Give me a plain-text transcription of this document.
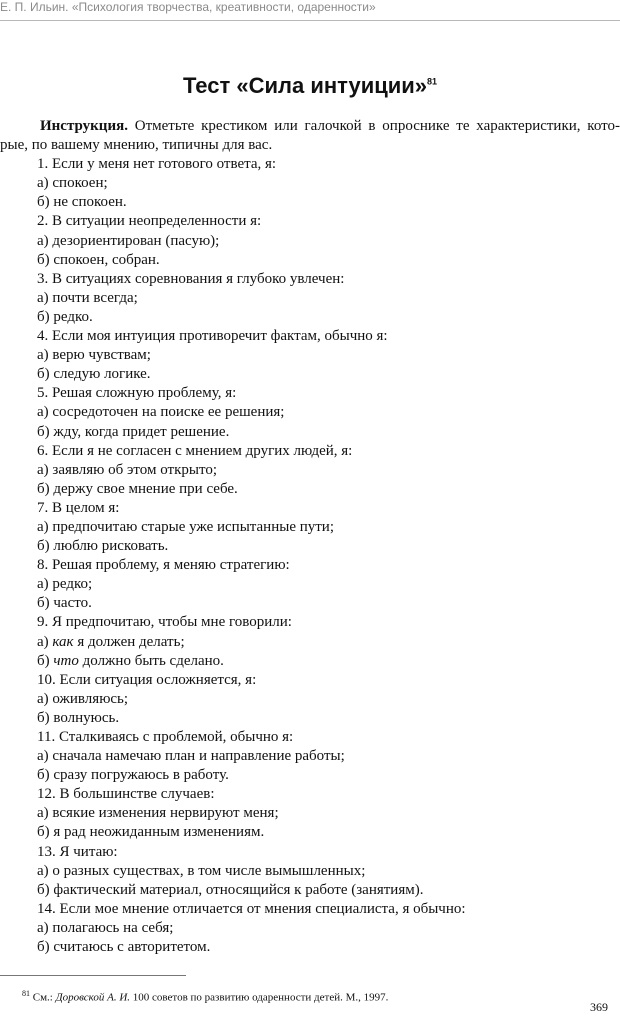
Е. П. Ильин. «Психология творчества, креативности, одаренности»
Тест «Сила интуиции»$^{81}$

Инструкция. Отметьте крестиком или галочкой в опроснике те характеристики, кото-рые, по вашему мнению, типичны для вас.

1. Если у меня нет готового ответа, я:
а) спокоен;
б) не спокоен.
2. В ситуации неопределенности я:
а) дезориентирован (пасую);
б) спокоен, собран.
3. В ситуациях соревнования я глубоко увлечен:
а) почти всегда;
б) редко.
4. Если моя интуиция противоречит фактам, обычно я:
а) верю чувствам;
б) следую логике.
5. Решая сложную проблему, я:
а) сосредоточен на поиске ее решения;
б) жду, когда придет решение.
6. Если я не согласен с мнением других людей, я:
а) заявляю об этом открыто;
б) держу свое мнение при себе.
7. В целом я:
а) предпочитаю старые уже испытанные пути;
б) люблю рисковать.
8. Решая проблему, я меняю стратегию:
а) редко;
б) часто.
9. Я предпочитаю, чтобы мне говорили:
а) как я должен делать;
б) что должно быть сделано.
10. Если ситуация осложняется, я:
а) оживляюсь;
б) волнуюсь.
11. Сталкиваясь с проблемой, обычно я:
а) сначала намечаю план и направление работы;
б) сразу погружаюсь в работу.
12. В большинстве случаев:
а) всякие изменения нервируют меня;
б) я рад неожиданным изменениям.
13. Я читаю:
а) о разных существах, в том числе вымышленных;
б) фактический материал, относящийся к работе (занятиям).
14. Если мое мнение отличается от мнения специалиста, я обычно:
а) полагаюсь на себя;
б) считаюсь с авторитетом.
$^{81}$ См.: Доровской А. И. 100 советов по развитию одаренности детей. М., 1997.
369
